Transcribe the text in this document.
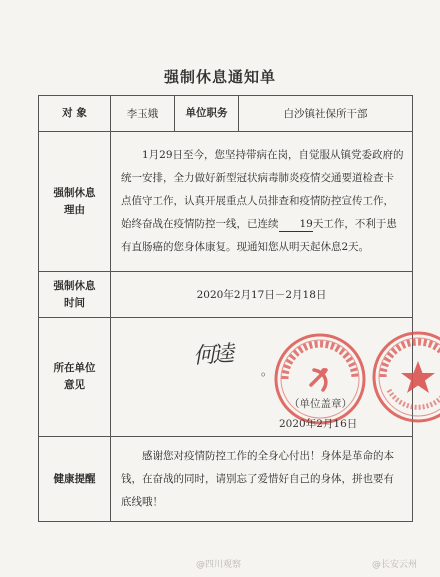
强制休息通知单
对 象	李玉娥	单位职务	白沙镇社保所干部
强制休息理由	1月29日至今，您坚持带病在岗，自觉服从镇党委政府的统一安排，全力做好新型冠状病毒肺炎疫情交通要道检查卡点值守工作，认真开展重点人员排查和疫情防控宣传工作，始终奋战在疫情防控一线，已连续 19天工作，不利于患有直肠癌的您身体康复。现通知您从明天起休息2天。		
强制休息时间	2020年2月17日－2月18日		
所在单位意见	何逵
。
（单位盖章）
2020年2月16日		

健康提醒	感谢您对疫情防控工作的全身心付出！身体是革命的本钱，在奋战的同时，请别忘了爱惜好自己的身体，拼也要有底线哦！		
@四川观察	@长安云州
